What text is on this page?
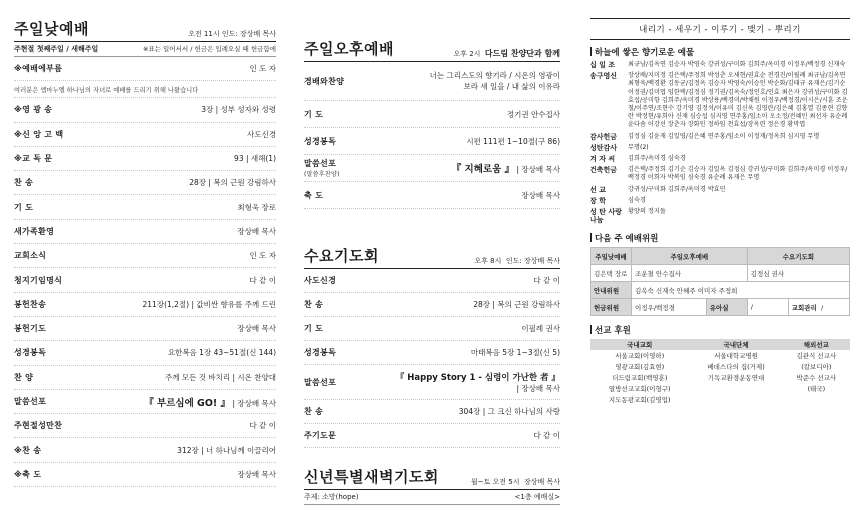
주일낮예배	오전 11시 인도: 장상배 목사
주현절 첫째주일 / 새해주일	※표는 일어서서 / 헌금은 입례오실 때 헌금함에
※예배에부름	인 도 자
여러분은 엠마누엘 하나님의 자녀로 예배를 드리기 위해 나왔습니다
※영 광 송	3장 | 성부 성자와 성령
※신 앙 고 백	사도신경
※교 독 문	93 | 새해(1)
찬 송	28장 | 복의 근원 강림하사
기 도	최형욱 장로
새가족환영	장상배 목사
교회소식	인 도 자
청지기임명식	다 같 이
봉헌찬송	211장(1,2절) | 값비싼 향유를 주께 드린
봉헌기도	장상배 목사
성경봉독	요한복음 1장 43~51절(신 144)
찬 양	주께 모든 것 바치리 | 시온 찬양대
말씀선포	『 부르심에 GO! 』 | 장상배 목사
주현절성만찬	다 같 이
※찬 송	312장 | 너 하나님께 이끌리어
※축 도	장상배 목사
주일오후예배	오후 2시 다드림 찬양단과 함께
경배와찬양
너는 그리스도의 향기라 / 시온의 영광이
보라 새 일을 / 내 삶의 이유라
기 도	정기권 안수집사
성경봉독	시편 111편 1~10절(구 86)
말씀선포
(말씀후찬양)	『 지혜로움 』 | 장상배 목사
축 도	장상배 목사
수요기도회	오후 8시 인도: 장상배 목사
사도신경	다 같 이
찬 송	28장 | 복의 근원 강림하사
기 도	이필례 권사
성경봉독	마태복음 5장 1~3절(신 5)
말씀선포	『 Happy Story 1 - 심령이 가난한 者 』
| 장상배 목사
찬 송	304장 | 그 크신 하나님의 사랑
주기도문	다 같 이
신년특별새벽기도회	월~토 오전 5시 장상배 목사
주제: 소망(hope)	<1층 예배실>
내리기 - 세우기 - 이루기 - 맺기 - 뿌리기
하늘에 쌓은 향기로운 예물
십 일 조	최규남/김옥연 김승자 박영숙 강귀성/구미화 김희주/옥미경 이정우/백정경 신재숙
송구영신	장상배/지미정 김은택/주정희 박성춘 오세현/권효순 전경진/이필례 최규남/김옥연 최형욱/백경환 김동균/김정옥 김승자 박영숙/이승인 박순화/김태규 유재은/김기순 이정권/김미엽 임한택/김정심 정기권/김옥숙/정인호/인효 최은자 강귀성/구미화 김효섭/공미항 김희주/옥미경 박상용/백경미/박채원 이정우/백정경/이시은/시훈 조운철/이주연/조현수 강기영 김정석/이유미 김신욱 김영란/김은혜 김홍열 김종현 김향란 박정현/유희아 신재 심승섭 심지영 연주홍/임소이 오소정/전혜민 최선자 유순례 윤다솜 이강선 장춘자 장화인 정하임 천효섭/장옥련 정은경 황막엽
감사헌금	김정심 김윤재 김일영/김은혜 연주홍/임소이 이정재/정옥희 심지영 무명
성탄감사	무명(2)
겨 자 씨	김희주/옥미경 심숙경
건축헌금	김은택/주정희 김기순 김승자 김일옥 김정심 강귀성/구미화 김희주/옥미경 이정우/백정경 이희자 박복임 심숙경 유순례 유재은 무명
선 교	강귀성/구미화 김희주/옥미경 박효민
장 학	심숙경
성 탄 사랑나눔
황양의 정지돌
다음 주 예배위원
주일낮예배	주일오후예배		수요기도회	
김은택 장로	조운철 안수집사		김정심 권사	
안내위원	김옥숙 신재숙 안혜주 이미자 주정희			
헌금위원	이정우/백정경	유아실	/	교회관리 /
선교 후원
국내교회	국내단체	해외선교
서울교회(이영하)	서울대학교병원	김관식 선교사
영광교회(김효현)	베데스다의 집(거제)	(칼보디아)
더드림교회(백영훈)	기독교환경운동연대	박준수 선교사
열방선교교회(이형구)		(태국)
지도동광교회(김영업)		
